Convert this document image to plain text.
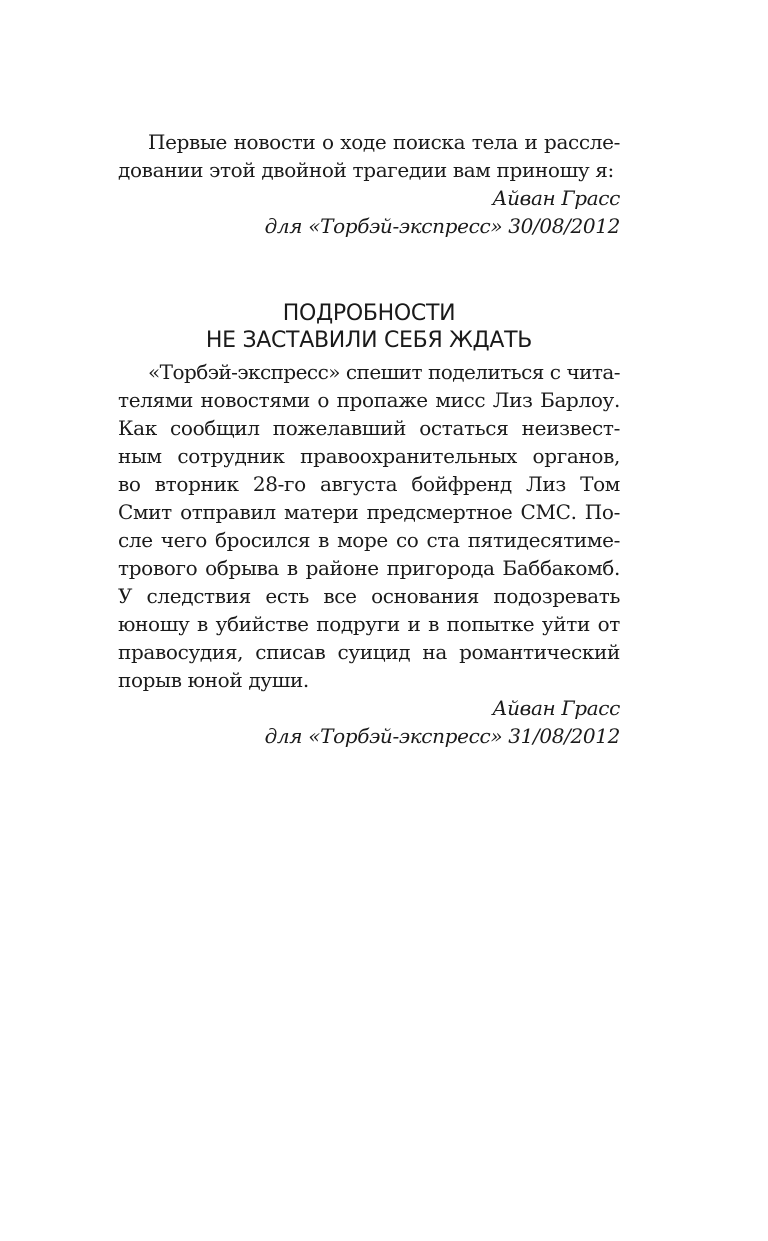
Первые новости о ходе поиска тела и рассле-
довании этой двойной трагедии вам приношу я:
Айван Грасс
для «Торбэй-экспресс» 30/08/2012
ПОДРОБНОСТИ
НЕ ЗАСТАВИЛИ СЕБЯ ЖДАТЬ
«Торбэй-экспресс» спешит поделиться с чита-
телями новостями о пропаже мисс Лиз Барлоу.
Как сообщил пожелавший остаться неизвест-
ным сотрудник правоохранительных органов,
во вторник 28-го августа бойфренд Лиз Том
Смит отправил матери предсмертное СМС. По-
сле чего бросился в море со ста пятидесятиме-
трового обрыва в районе пригорода Баббакомб.
У следствия есть все основания подозревать
юношу в убийстве подруги и в попытке уйти от
правосудия, списав суицид на романтический
порыв юной души.
Айван Грасс
для «Торбэй-экспресс» 31/08/2012
